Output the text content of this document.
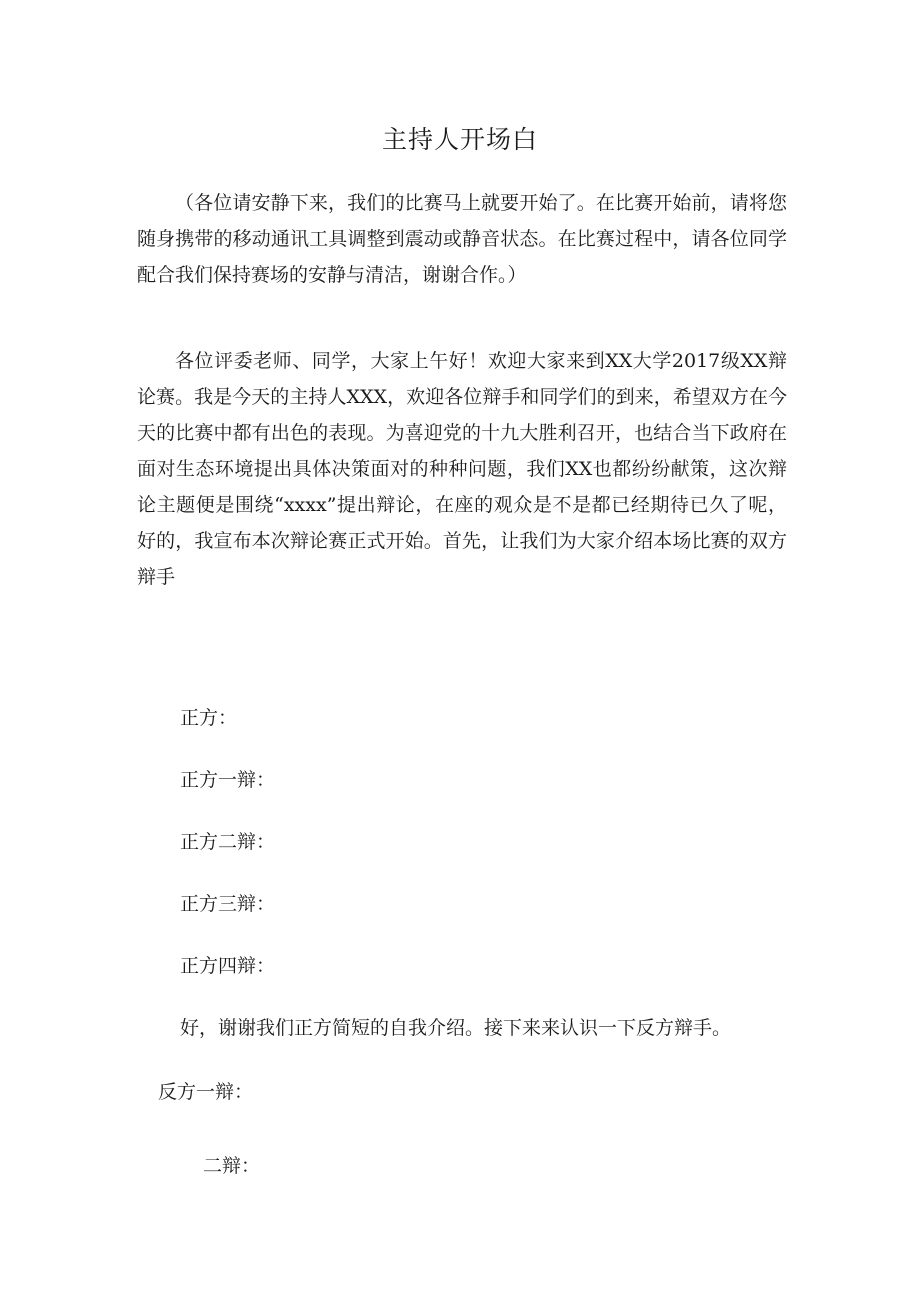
主持人开场白

（各位请安静下来，我们的比赛马上就要开始了。在比赛开始前，请将您随身携带的移动通讯工具调整到震动或静音状态。在比赛过程中，请各位同学配合我们保持赛场的安静与清洁，谢谢合作。）

各位评委老师、同学，大家上午好！欢迎大家来到XX大学2017级XX辩论赛。我是今天的主持人XXX，欢迎各位辩手和同学们的到来，希望双方在今天的比赛中都有出色的表现。为喜迎党的十九大胜利召开，也结合当下政府在面对生态环境提出具体决策面对的种种问题，我们XX也都纷纷献策，这次辩论主题便是围绕“xxxx”提出辩论，在座的观众是不是都已经期待已久了呢，好的，我宣布本次辩论赛正式开始。首先，让我们为大家介绍本场比赛的双方辩手

正方：

正方一辩：

正方二辩：

正方三辩：

正方四辩：

好，谢谢我们正方简短的自我介绍。接下来来认识一下反方辩手。

反方一辩：

二辩：
